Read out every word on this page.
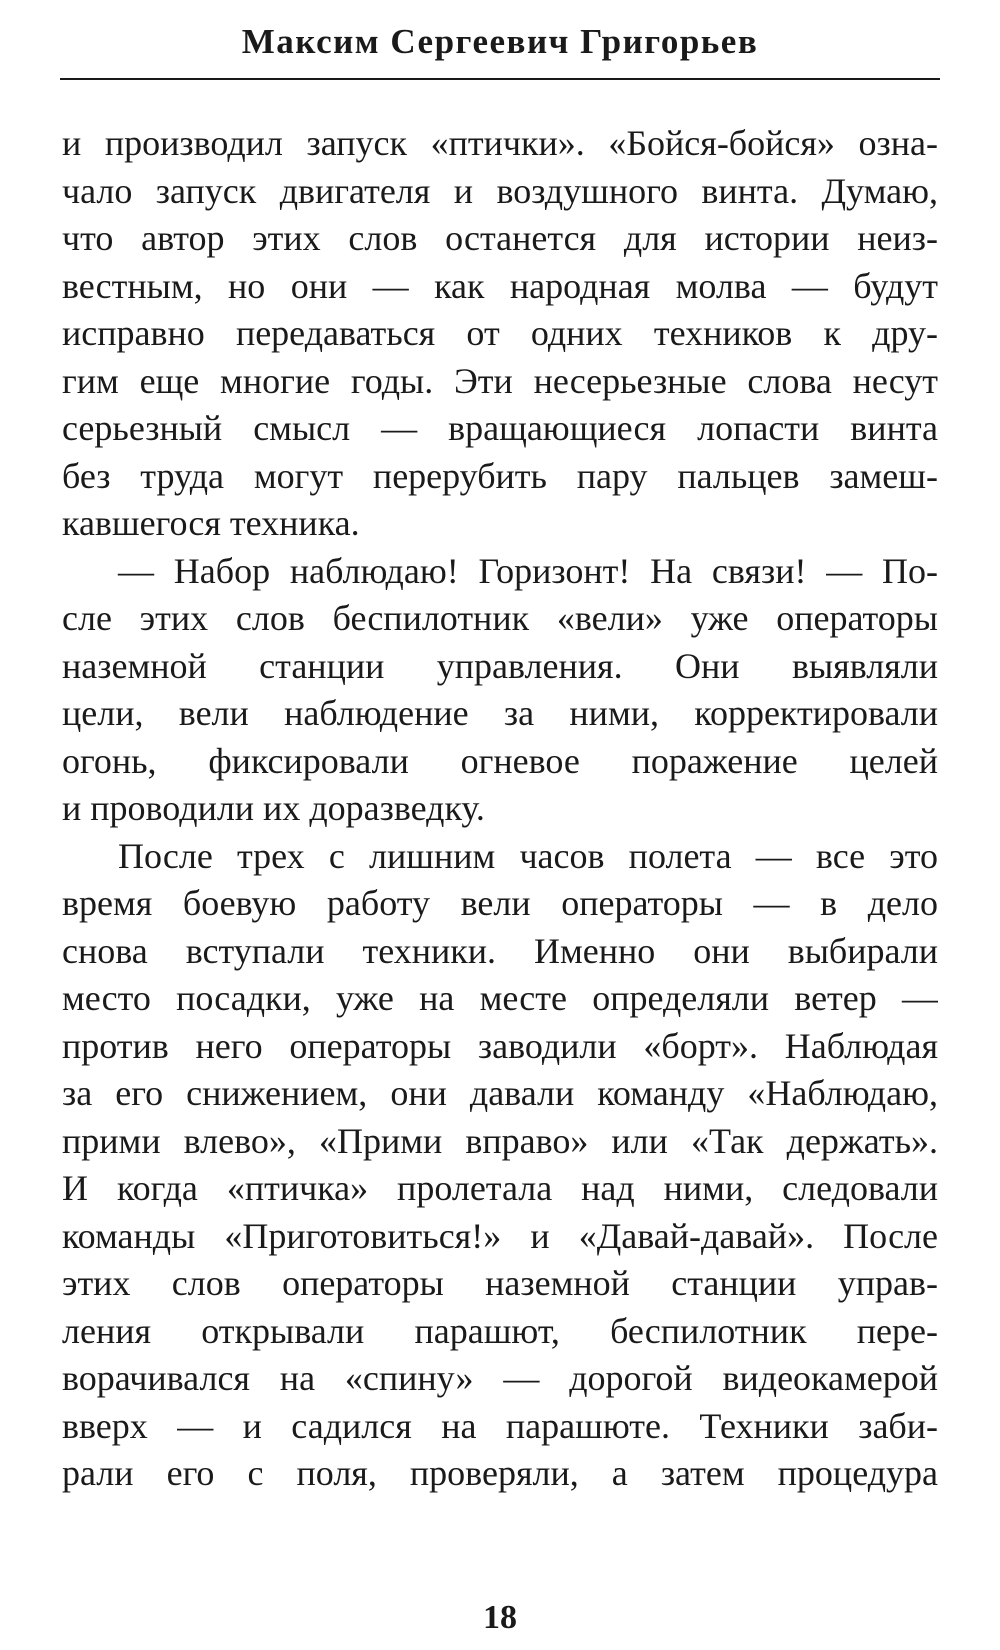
Максим Сергеевич Григорьев
и производил запуск «птички». «Бойся-бойся» озна-
чало запуск двигателя и воздушного винта. Думаю,
что автор этих слов останется для истории неиз-
вестным, но они — как народная молва — будут
исправно передаваться от одних техников к дру-
гим еще многие годы. Эти несерьезные слова несут
серьезный смысл — вращающиеся лопасти винта
без труда могут перерубить пару пальцев замеш-
кавшегося техника.
— Набор наблюдаю! Горизонт! На связи! — По-
сле этих слов беспилотник «вели» уже операторы
наземной станции управления. Они выявляли
цели, вели наблюдение за ними, корректировали
огонь, фиксировали огневое поражение целей
и проводили их доразведку.
После трех с лишним часов полета — все это
время боевую работу вели операторы — в дело
снова вступали техники. Именно они выбирали
место посадки, уже на месте определяли ветер —
против него операторы заводили «борт». Наблюдая
за его снижением, они давали команду «Наблюдаю,
прими влево», «Прими вправо» или «Так держать».
И когда «птичка» пролетала над ними, следовали
команды «Приготовиться!» и «Давай-давай». После
этих слов операторы наземной станции управ-
ления открывали парашют, беспилотник пере-
ворачивался на «спину» — дорогой видеокамерой
вверх — и садился на парашюте. Техники заби-
рали его с поля, проверяли, а затем процедура
18
